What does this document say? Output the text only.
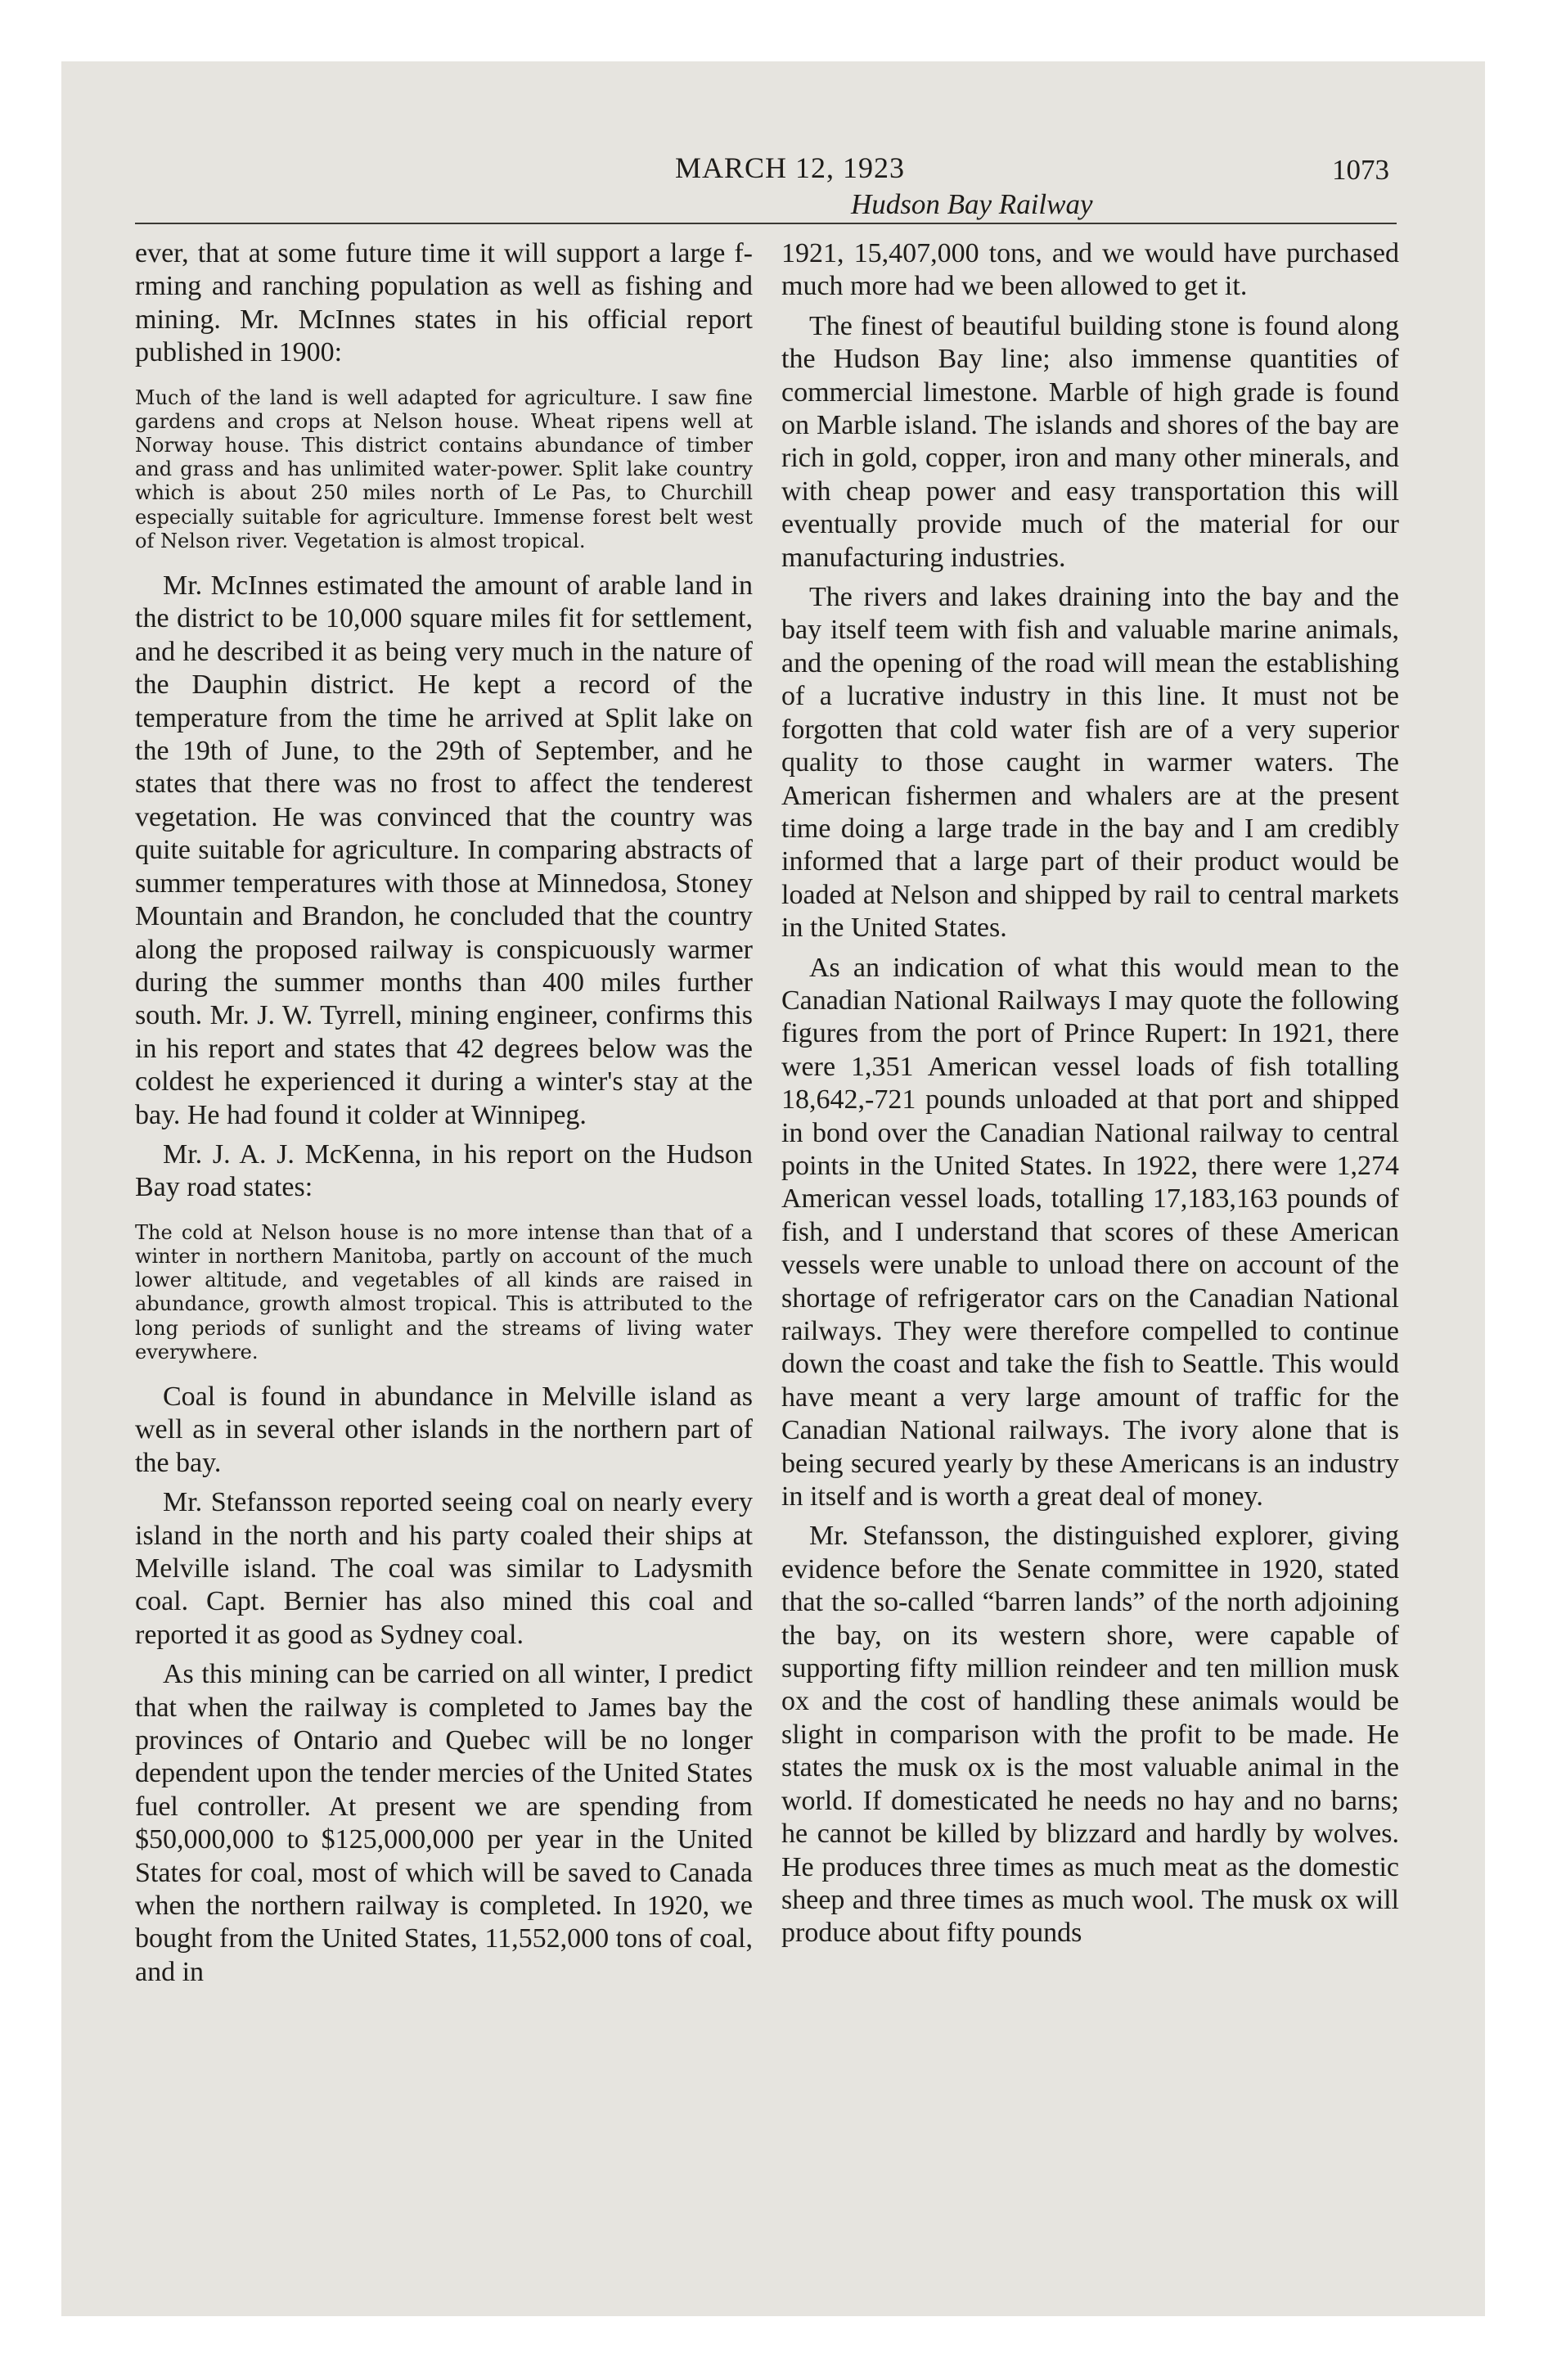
MARCH 12, 1923
Hudson Bay Railway
1073

ever, that at some future time it will support a large f-rming and ranching population as well as fishing and mining. Mr. McInnes states in his official report published in 1900:

Much of the land is well adapted for agriculture. I saw fine gardens and crops at Nelson house. Wheat ripens well at Norway house. This district contains abundance of timber and grass and has unlimited water-power. Split lake country which is about 250 miles north of Le Pas, to Churchill especially suitable for agriculture. Immense forest belt west of Nelson river. Vegetation is almost tropical.

Mr. McInnes estimated the amount of arable land in the district to be 10,000 square miles fit for settlement, and he described it as being very much in the nature of the Dauphin district. He kept a record of the temperature from the time he arrived at Split lake on the 19th of June, to the 29th of September, and he states that there was no frost to affect the tenderest vegetation. He was convinced that the country was quite suitable for agriculture. In comparing abstracts of summer temperatures with those at Minnedosa, Stoney Mountain and Brandon, he concluded that the country along the proposed railway is conspicuously warmer during the summer months than 400 miles further south. Mr. J. W. Tyrrell, mining engineer, confirms this in his report and states that 42 degrees below was the coldest he experienced it during a winter's stay at the bay. He had found it colder at Winnipeg.

Mr. J. A. J. McKenna, in his report on the Hudson Bay road states:

The cold at Nelson house is no more intense than that of a winter in northern Manitoba, partly on account of the much lower altitude, and vegetables of all kinds are raised in abundance, growth almost tropical. This is attributed to the long periods of sunlight and the streams of living water everywhere.

Coal is found in abundance in Melville island as well as in several other islands in the northern part of the bay.

Mr. Stefansson reported seeing coal on nearly every island in the north and his party coaled their ships at Melville island. The coal was similar to Ladysmith coal. Capt. Bernier has also mined this coal and reported it as good as Sydney coal.

As this mining can be carried on all winter, I predict that when the railway is completed to James bay the provinces of Ontario and Quebec will be no longer dependent upon the tender mercies of the United States fuel controller. At present we are spending from $50,000,000 to $125,000,000 per year in the United States for coal, most of which will be saved to Canada when the northern railway is completed. In 1920, we bought from the United States, 11,552,000 tons of coal, and in

1921, 15,407,000 tons, and we would have purchased much more had we been allowed to get it.

The finest of beautiful building stone is found along the Hudson Bay line; also immense quantities of commercial limestone. Marble of high grade is found on Marble island. The islands and shores of the bay are rich in gold, copper, iron and many other minerals, and with cheap power and easy transportation this will eventually provide much of the material for our manufacturing industries.

The rivers and lakes draining into the bay and the bay itself teem with fish and valuable marine animals, and the opening of the road will mean the establishing of a lucrative industry in this line. It must not be forgotten that cold water fish are of a very superior quality to those caught in warmer waters. The American fishermen and whalers are at the present time doing a large trade in the bay and I am credibly informed that a large part of their product would be loaded at Nelson and shipped by rail to central markets in the United States.

As an indication of what this would mean to the Canadian National Railways I may quote the following figures from the port of Prince Rupert: In 1921, there were 1,351 American vessel loads of fish totalling 18,642,-721 pounds unloaded at that port and shipped in bond over the Canadian National railway to central points in the United States. In 1922, there were 1,274 American vessel loads, totalling 17,183,163 pounds of fish, and I understand that scores of these American vessels were unable to unload there on account of the shortage of refrigerator cars on the Canadian National railways. They were therefore compelled to continue down the coast and take the fish to Seattle. This would have meant a very large amount of traffic for the Canadian National railways. The ivory alone that is being secured yearly by these Americans is an industry in itself and is worth a great deal of money.

Mr. Stefansson, the distinguished explorer, giving evidence before the Senate committee in 1920, stated that the so-called “barren lands” of the north adjoining the bay, on its western shore, were capable of supporting fifty million reindeer and ten million musk ox and the cost of handling these animals would be slight in comparison with the profit to be made. He states the musk ox is the most valuable animal in the world. If domesticated he needs no hay and no barns; he cannot be killed by blizzard and hardly by wolves. He produces three times as much meat as the domestic sheep and three times as much wool. The musk ox will produce about fifty pounds
